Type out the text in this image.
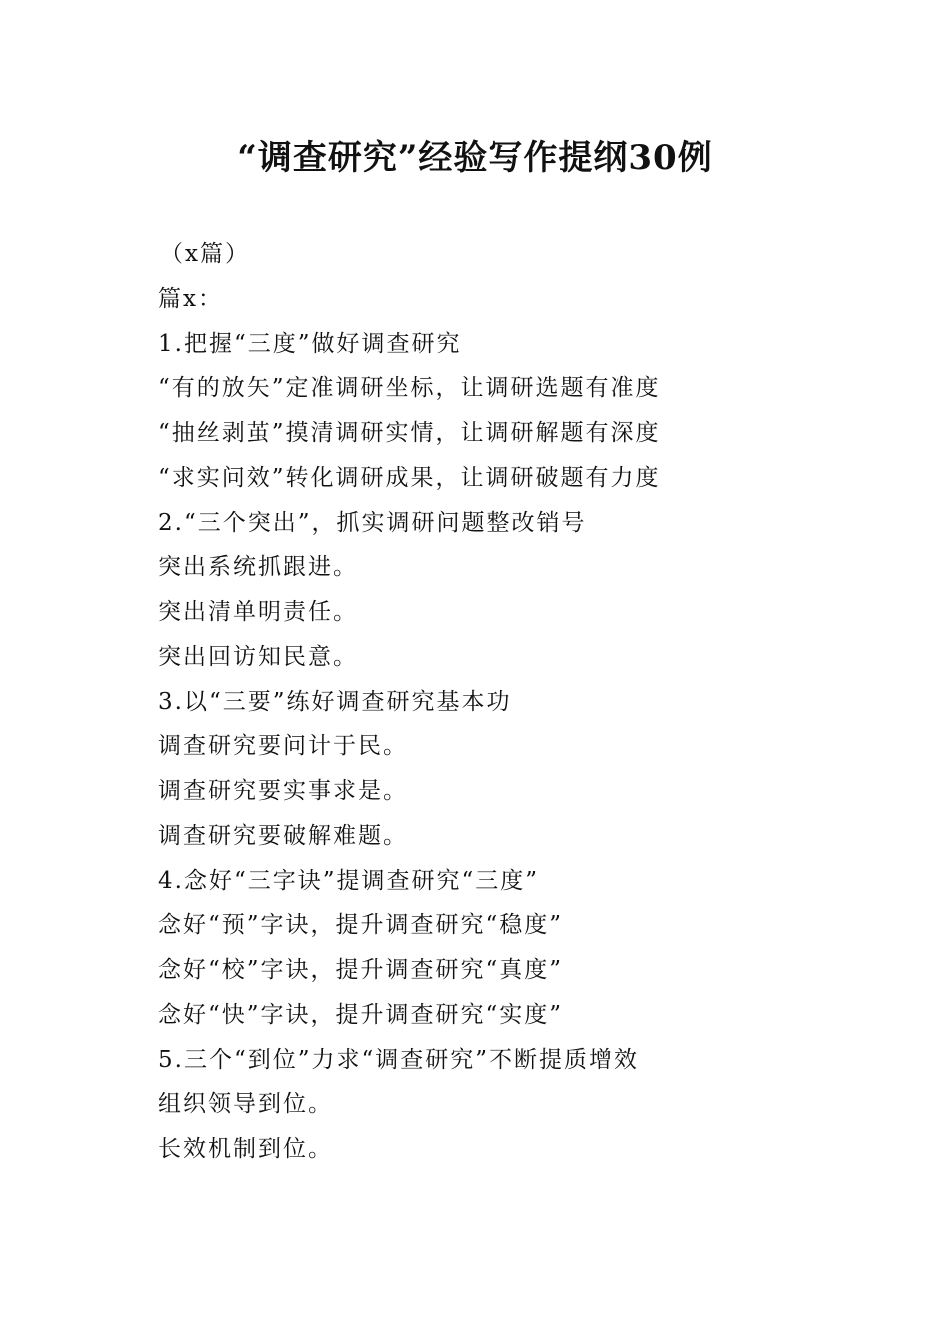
“调查研究”经验写作提纲30例
（x篇）
篇x：
1.把握“三度”做好调查研究
“有的放矢”定准调研坐标，让调研选题有准度
“抽丝剥茧”摸清调研实情，让调研解题有深度
“求实问效”转化调研成果，让调研破题有力度
2.“三个突出”，抓实调研问题整改销号
突出系统抓跟进。
突出清单明责任。
突出回访知民意。
3.以“三要”练好调查研究基本功
调查研究要问计于民。
调查研究要实事求是。
调查研究要破解难题。
4.念好“三字诀”提调查研究“三度”
念好“预”字诀，提升调查研究“稳度”
念好“校”字诀，提升调查研究“真度”
念好“快”字诀，提升调查研究“实度”
5.三个“到位”力求“调查研究”不断提质增效
组织领导到位。
长效机制到位。
